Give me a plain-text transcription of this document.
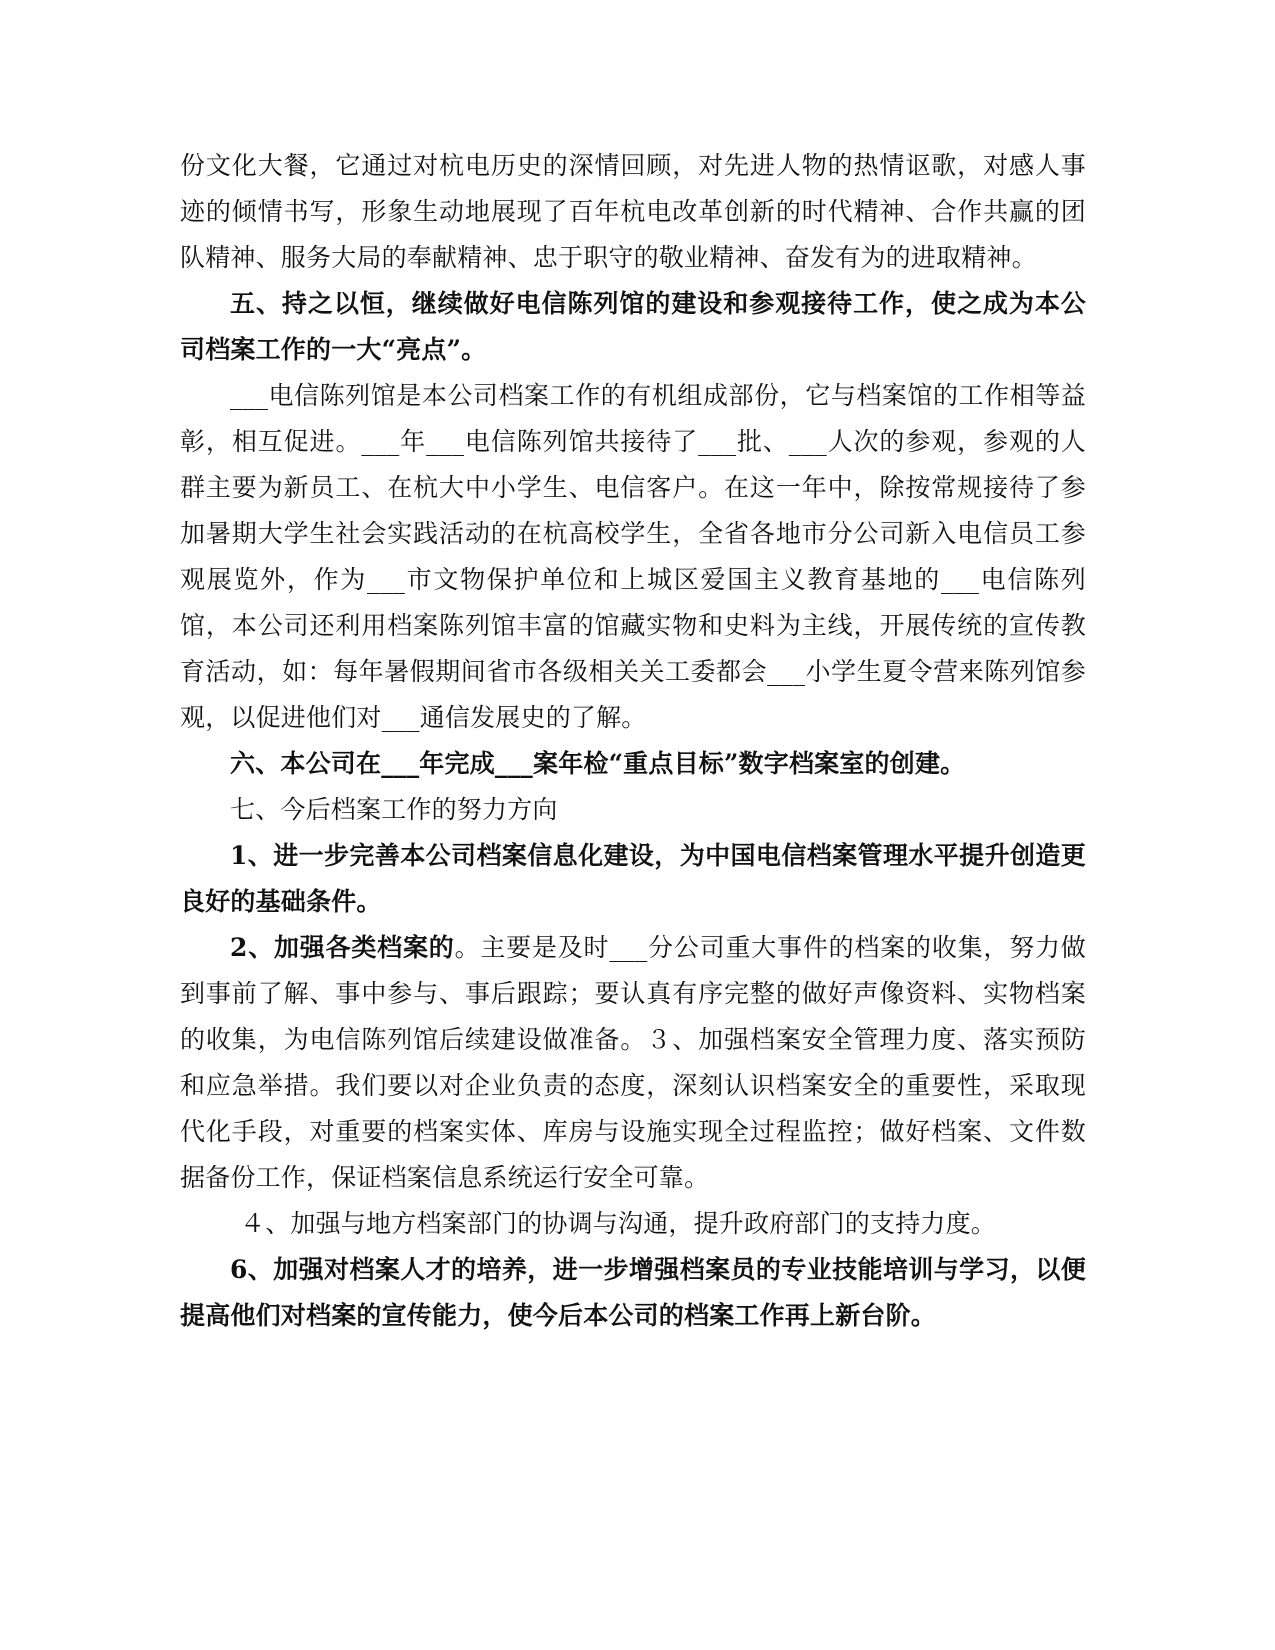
份文化大餐，它通过对杭电历史的深情回顾，对先进人物的热情讴歌，对感人事迹的倾情书写，形象生动地展现了百年杭电改革创新的时代精神、合作共赢的团队精神、服务大局的奉献精神、忠于职守的敬业精神、奋发有为的进取精神。

五、持之以恒，继续做好电信陈列馆的建设和参观接待工作，使之成为本公司档案工作的一大“亮点”。

___电信陈列馆是本公司档案工作的有机组成部份，它与档案馆的工作相等益彰，相互促进。___年___电信陈列馆共接待了___批、___人次的参观，参观的人群主要为新员工、在杭大中小学生、电信客户。在这一年中，除按常规接待了参加暑期大学生社会实践活动的在杭高校学生，全省各地市分公司新入电信员工参观展览外，作为___市文物保护单位和上城区爱国主义教育基地的___电信陈列馆，本公司还利用档案陈列馆丰富的馆藏实物和史料为主线，开展传统的宣传教育活动，如：每年暑假期间省市各级相关关工委都会___小学生夏令营来陈列馆参观，以促进他们对___通信发展史的了解。

六、本公司在___年完成___案年检“重点目标”数字档案室的创建。

七、今后档案工作的努力方向

1、进一步完善本公司档案信息化建设，为中国电信档案管理水平提升创造更良好的基础条件。

2、加强各类档案的。主要是及时___分公司重大事件的档案的收集，努力做到事前了解、事中参与、事后跟踪；要认真有序完整的做好声像资料、实物档案的收集，为电信陈列馆后续建设做准备。３、加强档案安全管理力度、落实预防和应急举措。我们要以对企业负责的态度，深刻认识档案安全的重要性，采取现代化手段，对重要的档案实体、库房与设施实现全过程监控；做好档案、文件数据备份工作，保证档案信息系统运行安全可靠。

４、加强与地方档案部门的协调与沟通，提升政府部门的支持力度。

6、加强对档案人才的培养，进一步增强档案员的专业技能培训与学习，以便提高他们对档案的宣传能力，使今后本公司的档案工作再上新台阶。
